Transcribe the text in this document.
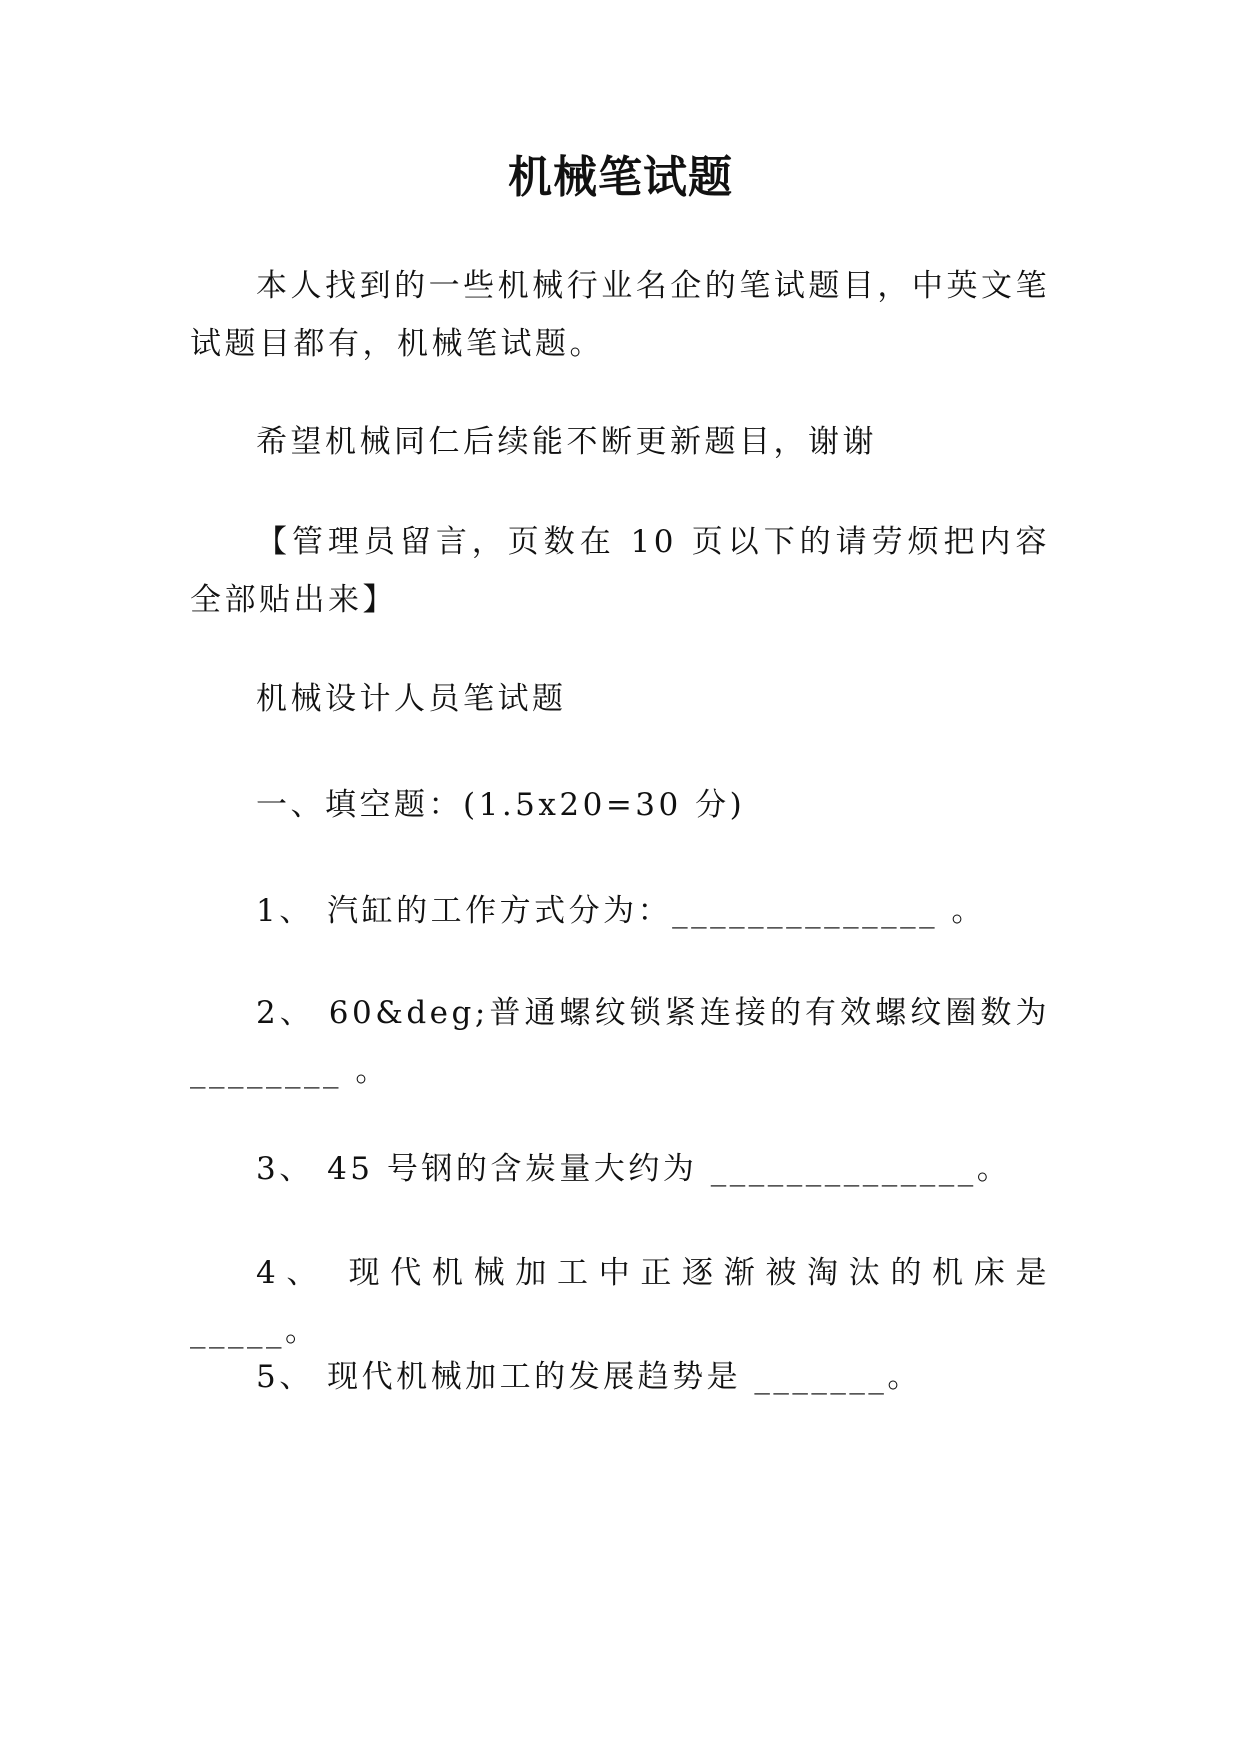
机械笔试题

本人找到的一些机械行业名企的笔试题目，中英文笔试题目都有，机械笔试题。

希望机械同仁后续能不断更新题目，谢谢

【管理员留言，页数在 10 页以下的请劳烦把内容全部贴出来】

机械设计人员笔试题

一、填空题：(1.5x20=30 分)

1、 汽缸的工作方式分为：______________ 。

2、 60&deg;普通螺纹锁紧连接的有效螺纹圈数为________ 。

3、 45 号钢的含炭量大约为 ______________。

4、 现代机械加工中正逐渐被淘汰的机床是 _____。

5、 现代机械加工的发展趋势是 _______。
